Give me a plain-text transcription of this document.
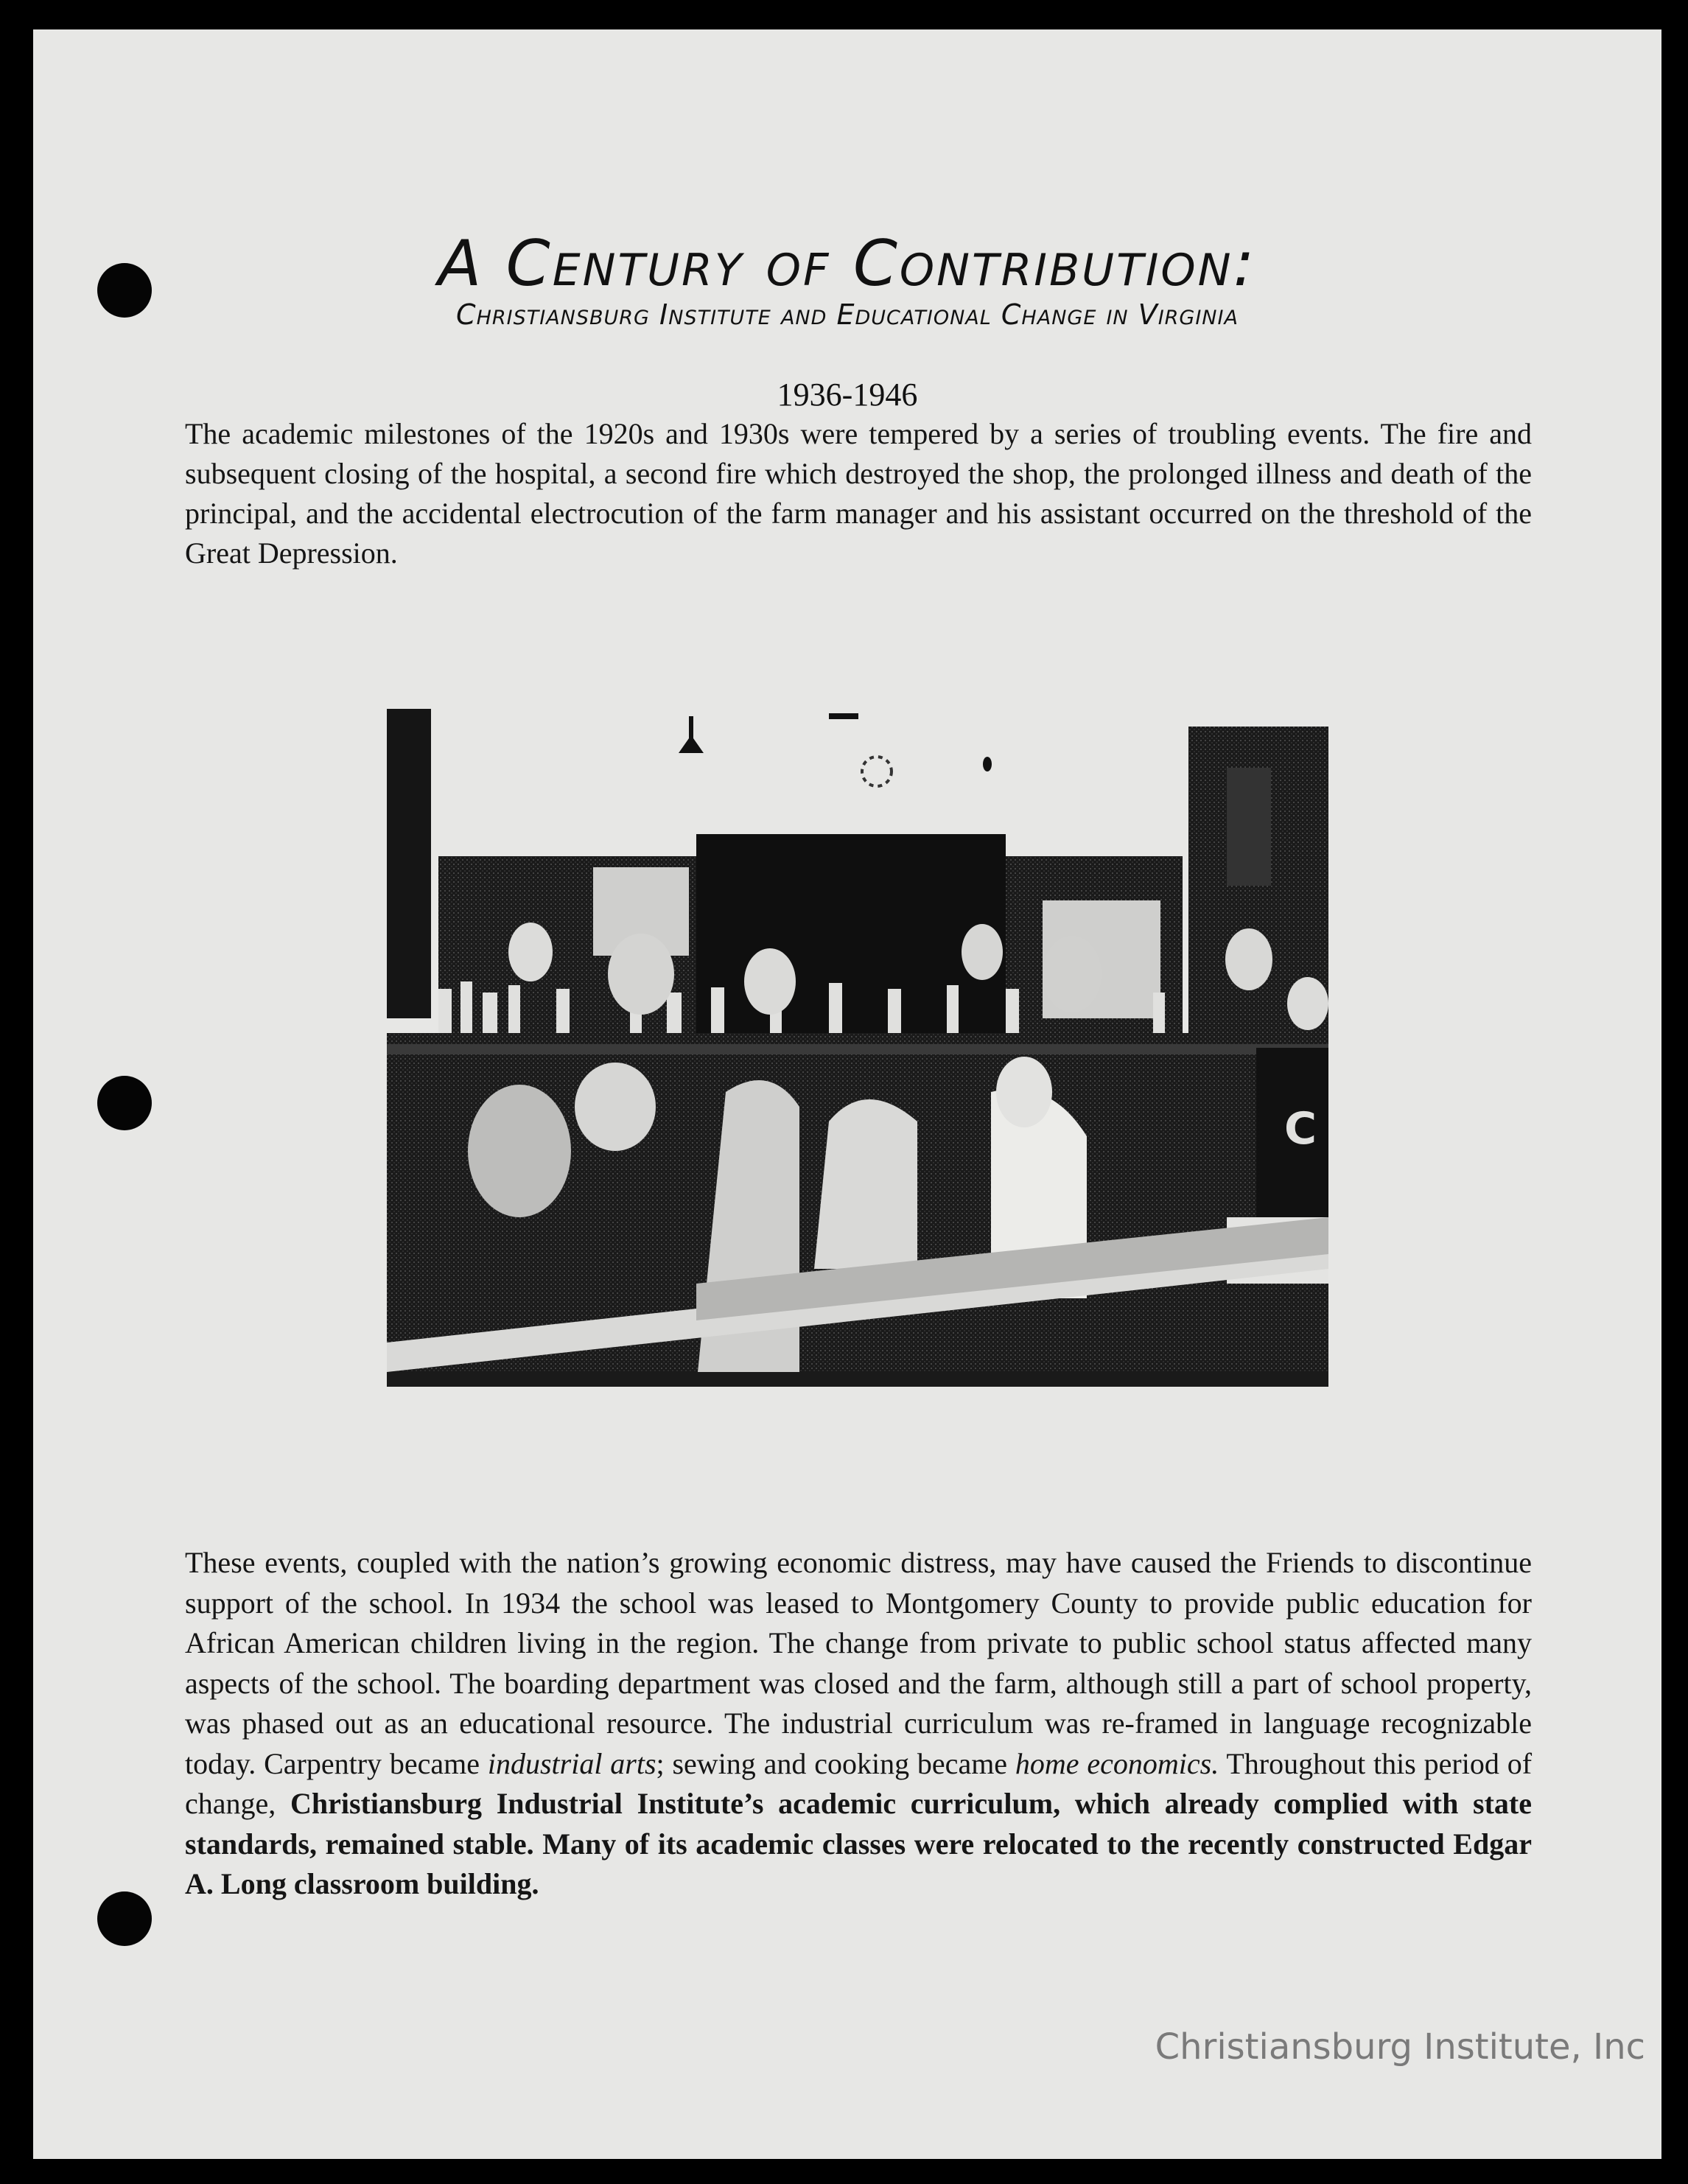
A Century of Contribution:
Christiansburg Institute and Educational Change in Virginia
1936-1946
The academic milestones of the 1920s and 1930s were tempered by a series of troubling events. The fire and subsequent closing of the hospital, a second fire which destroyed the shop, the prolonged illness and death of the principal, and the accidental electrocution of the farm manager and his assistant occurred on the threshold of the Great Depression.
C
These events, coupled with the nation’s growing economic distress, may have caused the Friends to discontinue support of the school. In 1934 the school was leased to Montgomery County to provide public education for African American children living in the region. The change from private to public school status affected many aspects of the school. The boarding department was closed and the farm, although still a part of school property, was phased out as an educational resource. The industrial curriculum was re-framed in language recognizable today. Carpentry became industrial arts; sewing and cooking became home economics. Throughout this period of change, Christiansburg Industrial Institute’s academic curriculum, which already complied with state standards, remained stable. Many of its academic classes were relocated to the recently constructed Edgar A. Long classroom building.
Christiansburg Institute, Inc
